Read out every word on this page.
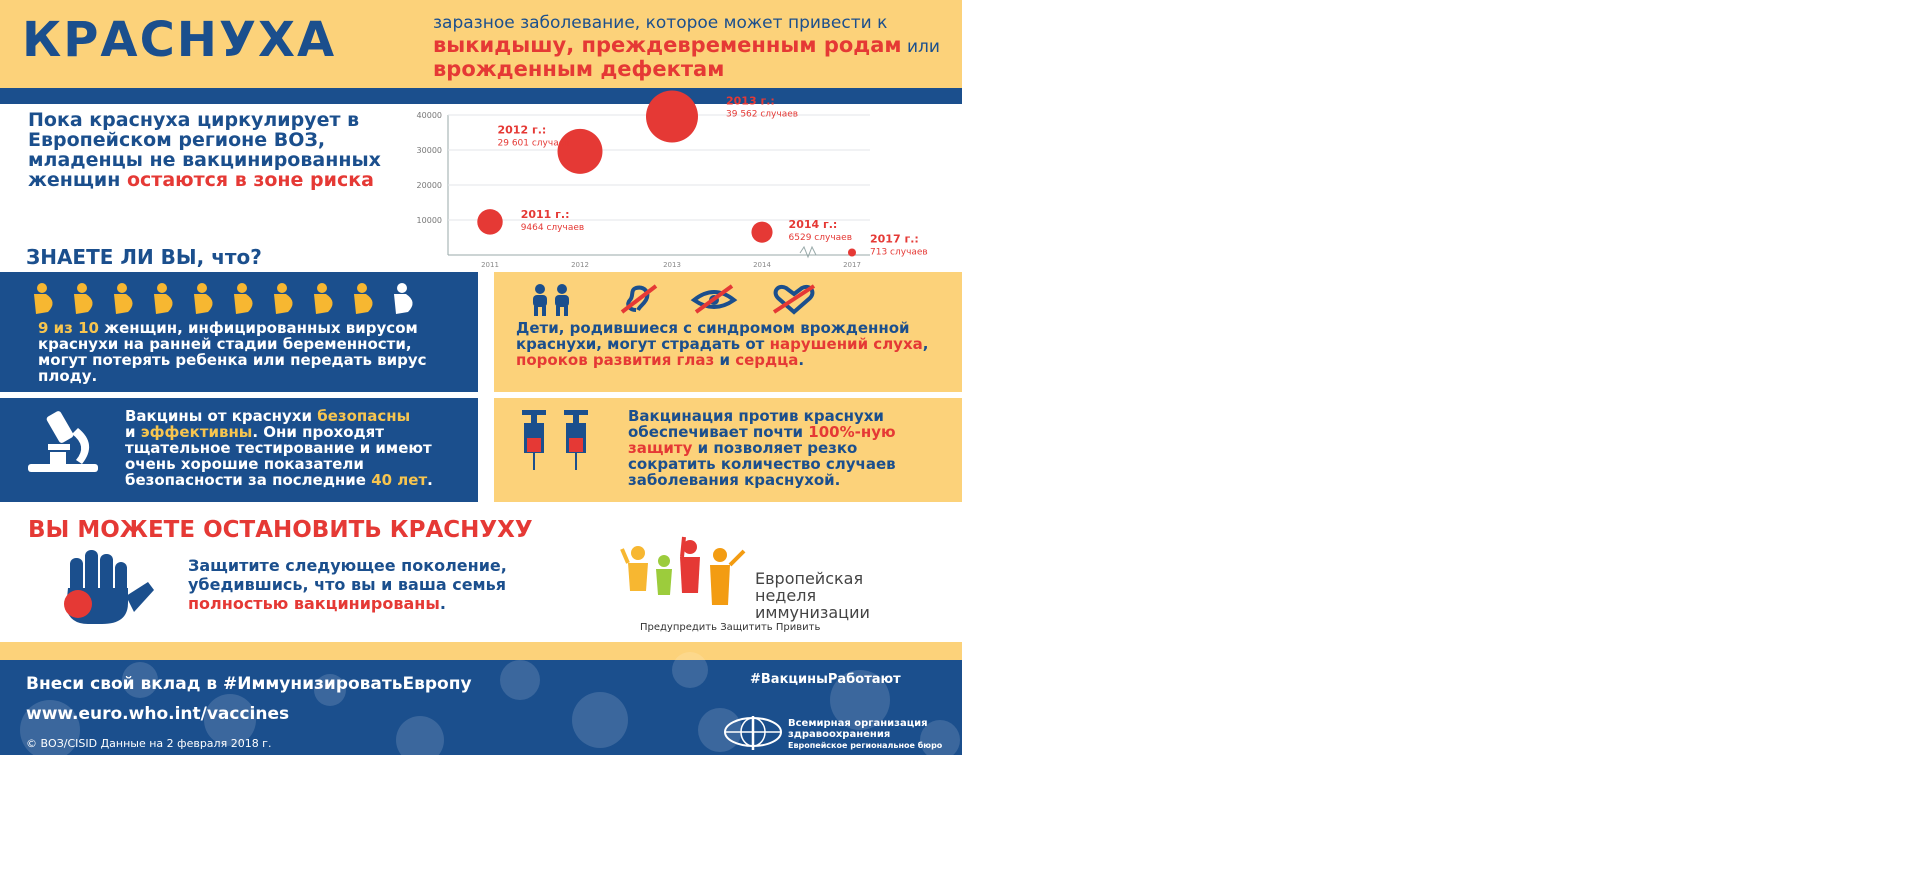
КРАСНУХА	заразное заболевание, которое может привести к
выкидышу, преждевременным родам или врожденным дефектам
Пока краснуха циркулирует в Европейском регионе ВОЗ, младенцы не вакцинированных женщин остаются в зоне риска
10000
20000
30000
40000
2011	2012	2013	2014	2017
2011 г.:
9464 случаев
2012 г.:
29 601 случаев
2013 г.:
39 562 случаев
2014 г.:
6529 случаев 2017 г.:
713 случаев
ЗНАЕТЕ ЛИ ВЫ, что?
9 из 10 женщин, инфицированных вирусом краснухи на ранней стадии беременности, могут потерять ребенка или передать вирус плоду.
Дети, родившиеся с синдромом врожденной краснухи, могут страдать от нарушений слуха, пороков развития глаз и сердца.
Вакцины от краснухи безопасны
и эффективны. Они проходят тщательное тестирование и имеют очень хорошие показатели безопасности за последние 40 лет.
Вакцинация против краснухи обеспечивает почти 100%-ную защиту и позволяет резко сократить количество случаев заболевания краснухой.
ВЫ МОЖЕТЕ ОСТАНОВИТЬ КРАСНУХУ
Защитите следующее поколение, убедившись, что вы и ваша семья полностью вакцинированы.
Европейская
неделя
иммунизации
Предупредить Защитить Привить
Внеси свой вклад в #ИммунизироватьЕвропу
www.euro.who.int/vaccines
© ВОЗ/CISID Данные на 2 февраля 2018 г.
#ВакциныРаботают
Всемирная организация
здравоохранения
Европейское региональное бюро
